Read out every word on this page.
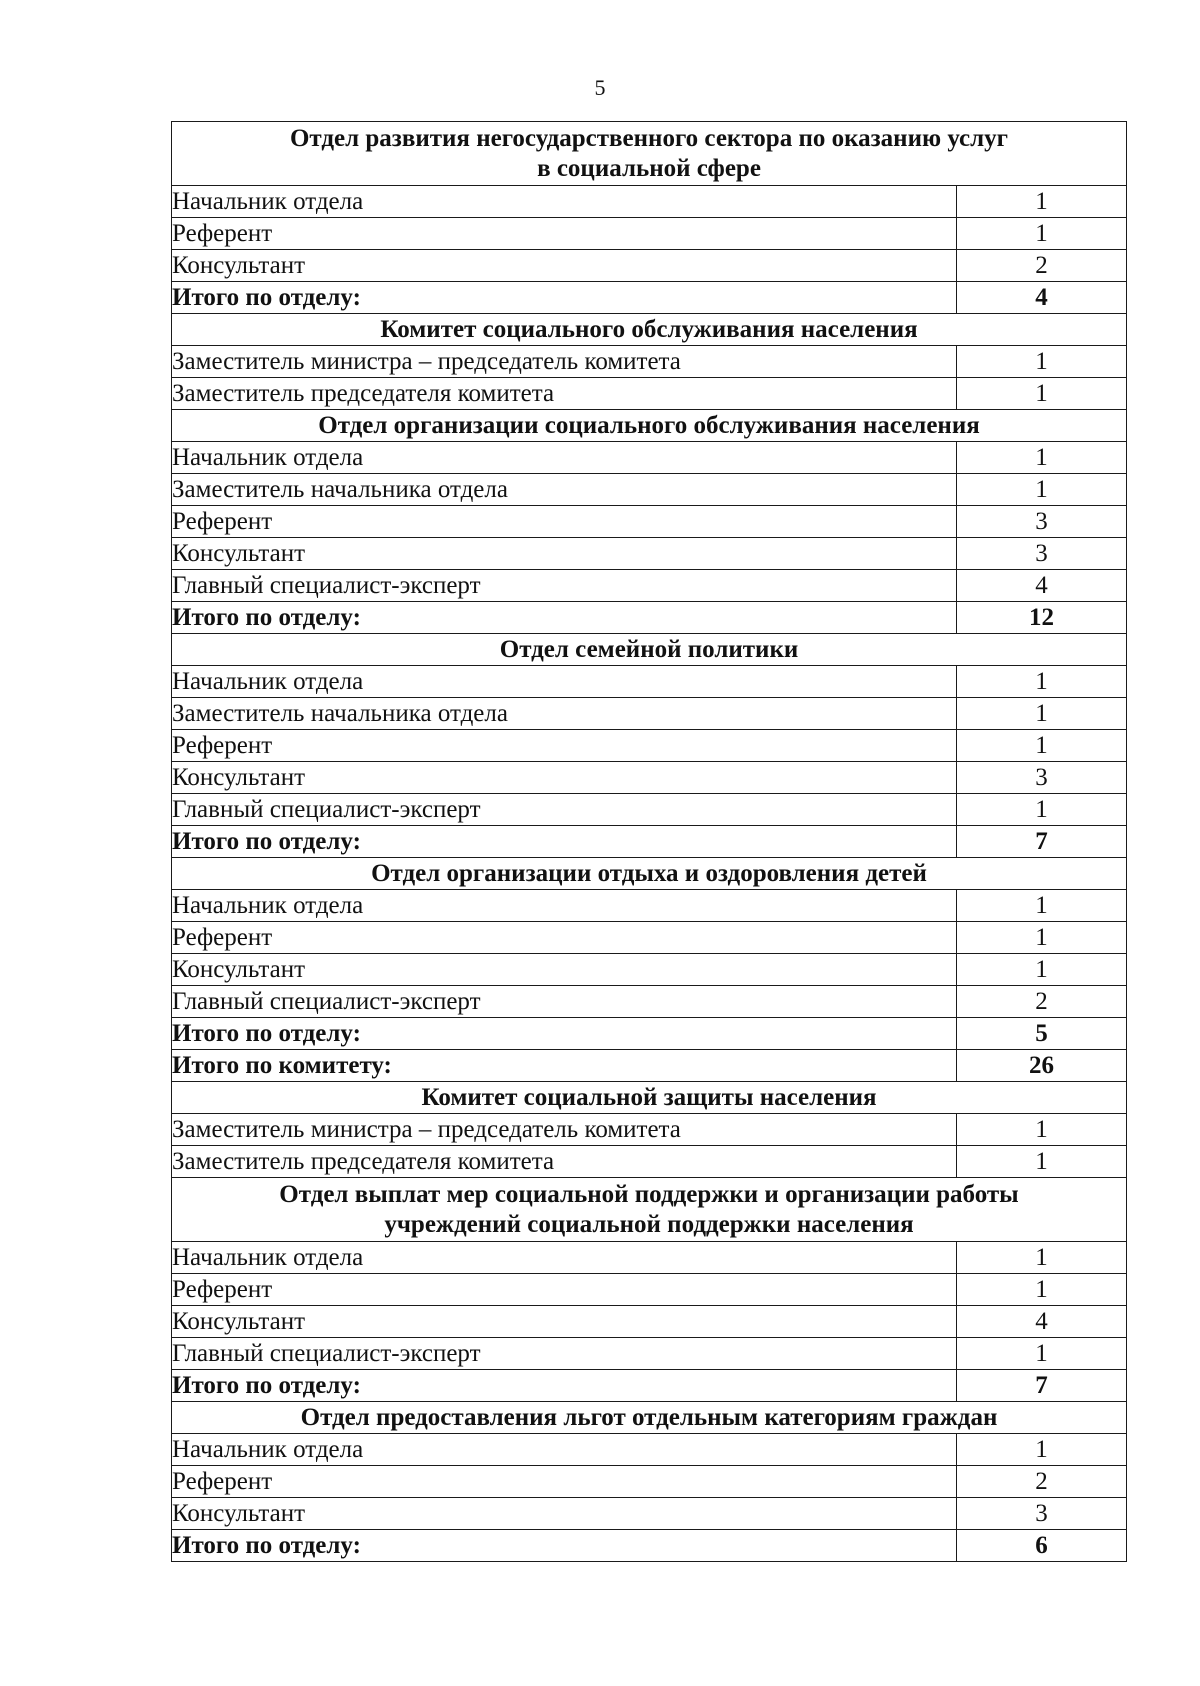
5
Отдел развития негосударственного сектора по оказанию услуг
в социальной сфере	

Начальник отдела	1
Референт	1
Консультант	2
Итого по отделу:	4
Комитет социального обслуживания населения	
Заместитель министра – председатель комитета	1
Заместитель председателя комитета	1
Отдел организации социального обслуживания населения	
Начальник отдела	1
Заместитель начальника отдела	1
Референт	3
Консультант	3
Главный специалист-эксперт	4
Итого по отделу:	12
Отдел семейной политики	
Начальник отдела	1
Заместитель начальника отдела	1
Референт	1
Консультант	3
Главный специалист-эксперт	1
Итого по отделу:	7
Отдел организации отдыха и оздоровления детей	
Начальник отдела	1
Референт	1
Консультант	1
Главный специалист-эксперт	2
Итого по отделу:	5
Итого по комитету:	26
Комитет социальной защиты населения	
Заместитель министра – председатель комитета	1
Заместитель председателя комитета	1

Отдел выплат мер социальной поддержки и организации работы
учреждений социальной поддержки населения	

Начальник отдела	1
Референт	1
Консультант	4
Главный специалист-эксперт	1
Итого по отделу:	7
Отдел предоставления льгот отдельным категориям граждан	
Начальник отдела	1
Референт	2
Консультант	3
Итого по отделу:	6
